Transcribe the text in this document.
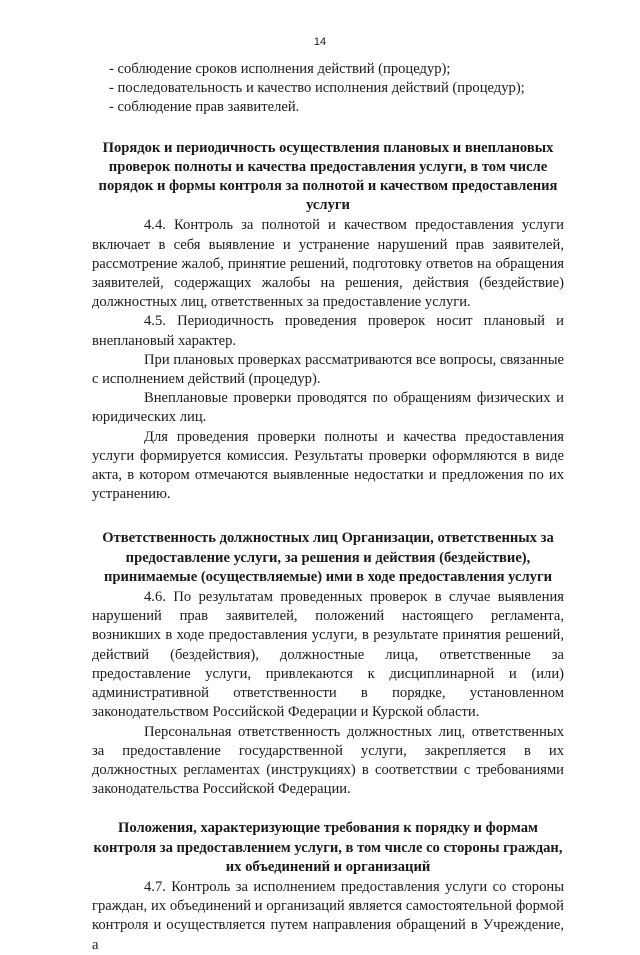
14

- соблюдение сроков исполнения действий (процедур);

- последовательность и качество исполнения действий (процедур);

- соблюдение прав заявителей.

Порядок и периодичность осуществления плановых и внеплановых проверок полноты и качества предоставления услуги, в том числе порядок и формы контроля за полнотой и качеством предоставления услуги

4.4. Контроль за полнотой и качеством предоставления услуги включает в себя выявление и устранение нарушений прав заявителей, рассмотрение жалоб, принятие решений, подготовку ответов на обращения заявителей, содержащих жалобы на решения, действия (бездействие) должностных лиц, ответственных за предоставление услуги.

4.5. Периодичность проведения проверок носит плановый и внеплановый характер.

При плановых проверках рассматриваются все вопросы, связанные с исполнением действий (процедур).

Внеплановые проверки проводятся по обращениям физических и юридических лиц.

Для проведения проверки полноты и качества предоставления услуги формируется комиссия. Результаты проверки оформляются в виде акта, в котором отмечаются выявленные недостатки и предложения по их устранению.

Ответственность должностных лиц Организации, ответственных за предоставление услуги, за решения и действия (бездействие), принимаемые (осуществляемые) ими в ходе предоставления услуги

4.6. По результатам проведенных проверок в случае выявления нарушений прав заявителей, положений настоящего регламента, возникших в ходе предоставления услуги, в результате принятия решений, действий (бездействия), должностные лица, ответственные за предоставление услуги, привлекаются к дисциплинарной и (или) административной ответственности в порядке, установленном законодательством Российской Федерации и Курской области.

Персональная ответственность должностных лиц, ответственных за предоставление государственной услуги, закрепляется в их должностных регламентах (инструкциях) в соответствии с требованиями законодательства Российской Федерации.

Положения, характеризующие требования к порядку и формам контроля за предоставлением услуги, в том числе со стороны граждан, их объединений и организаций

4.7. Контроль за исполнением предоставления услуги со стороны граждан, их объединений и организаций является самостоятельной формой контроля и осуществляется путем направления обращений в Учреждение, а
